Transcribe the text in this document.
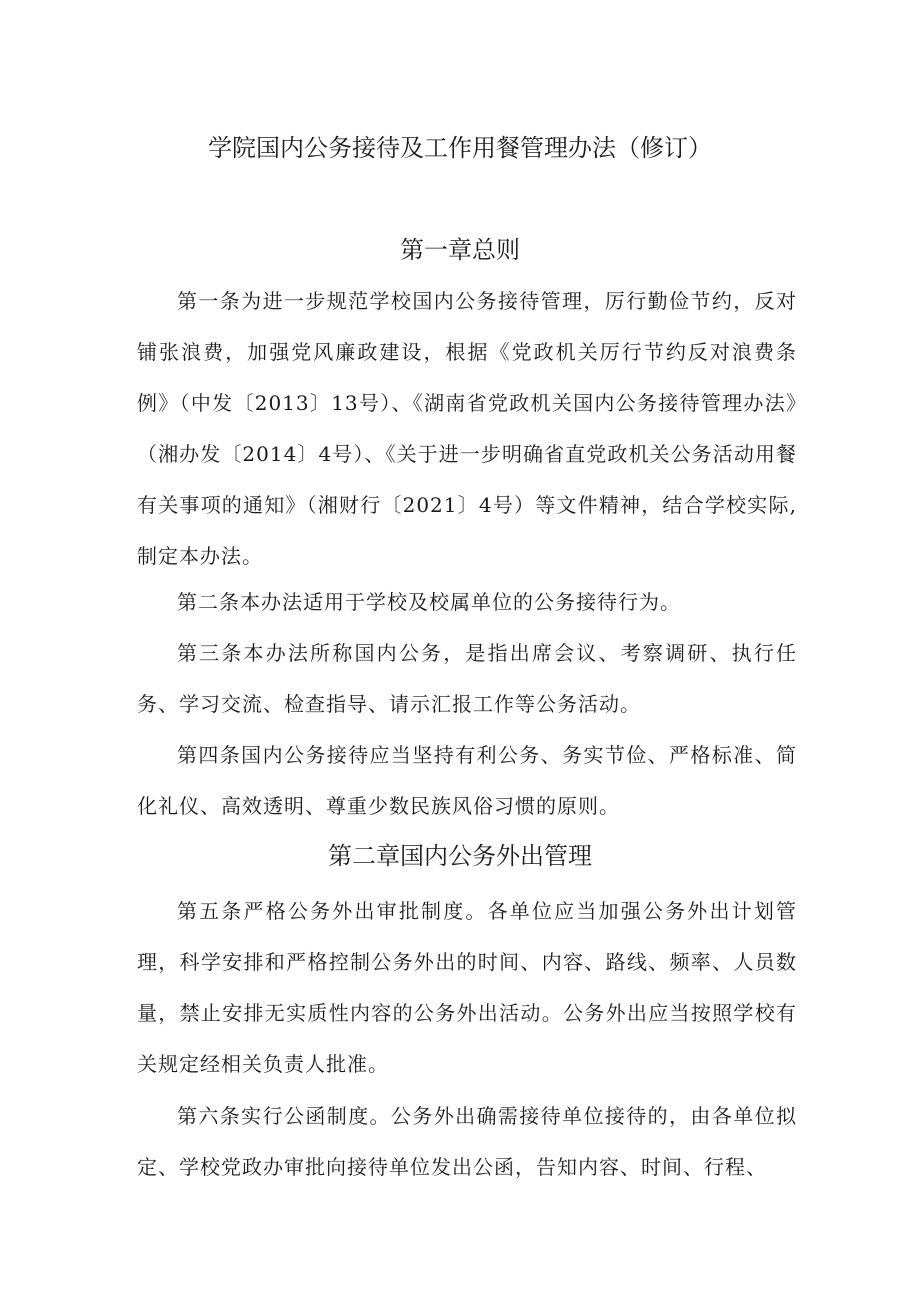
学院国内公务接待及工作用餐管理办法（修订）
第一章总则

第一条为进一步规范学校国内公务接待管理，厉行勤俭节约，反对铺张浪费，加强党风廉政建设，根据《党政机关厉行节约反对浪费条例》（中发〔2013〕13号）、《湖南省党政机关国内公务接待管理办法》（湘办发〔2014〕4号）、《关于进一步明确省直党政机关公务活动用餐有关事项的通知》（湘财行〔2021〕4号）等文件精神，结合学校实际,制定本办法。

第二条本办法适用于学校及校属单位的公务接待行为。

第三条本办法所称国内公务，是指出席会议、考察调研、执行任务、学习交流、检查指导、请示汇报工作等公务活动。

第四条国内公务接待应当坚持有利公务、务实节俭、严格标准、简化礼仪、高效透明、尊重少数民族风俗习惯的原则。

第二章国内公务外出管理

第五条严格公务外出审批制度。各单位应当加强公务外出计划管理，科学安排和严格控制公务外出的时间、内容、路线、频率、人员数量，禁止安排无实质性内容的公务外出活动。公务外出应当按照学校有关规定经相关负责人批准。

第六条实行公函制度。公务外出确需接待单位接待的，由各单位拟定、学校党政办审批向接待单位发出公函，告知内容、时间、行程、
